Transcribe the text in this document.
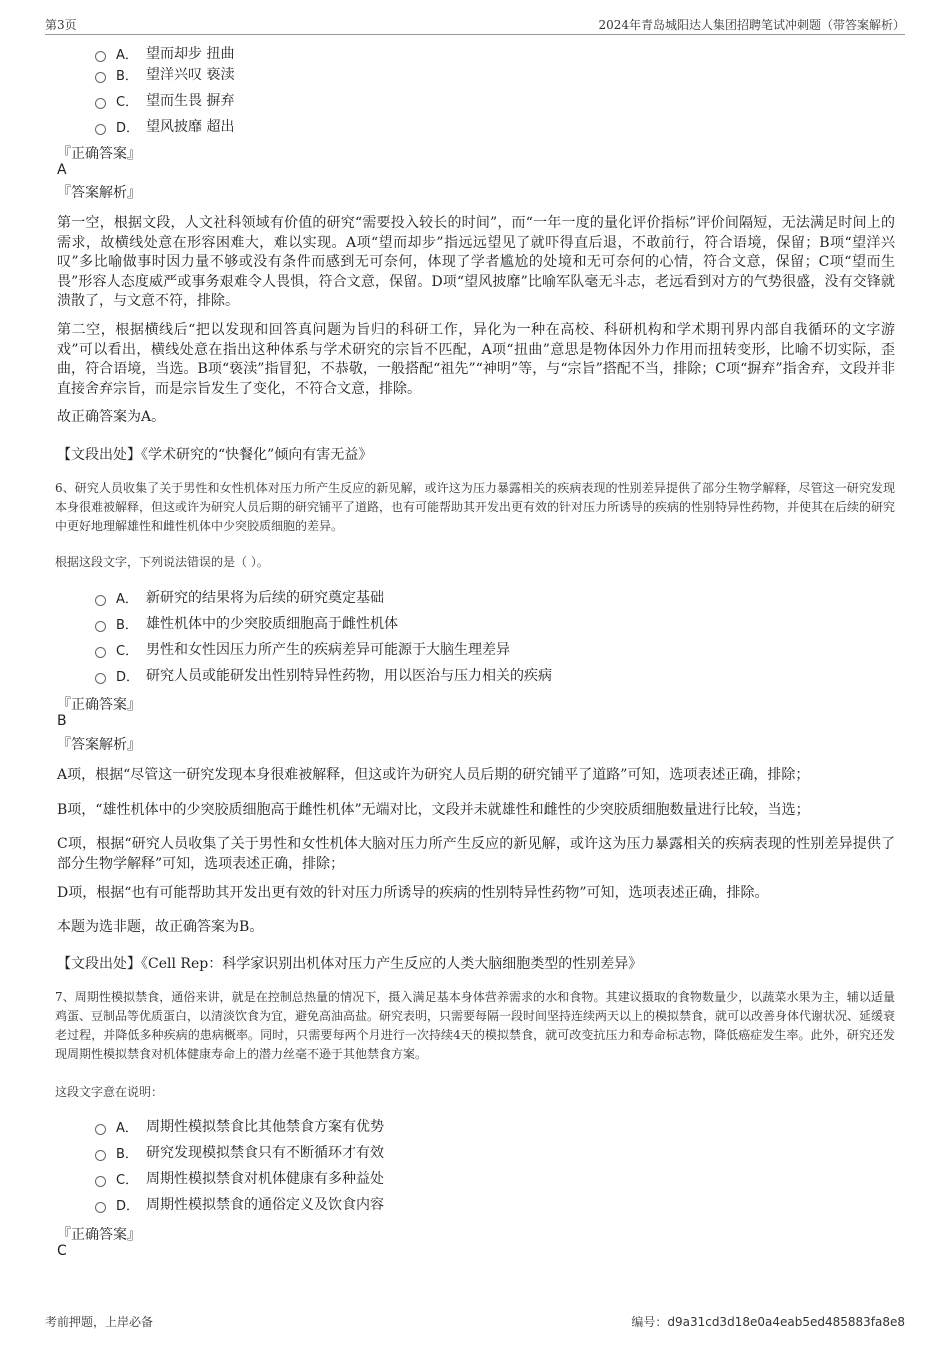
第3页	2024年青岛城阳达人集团招聘笔试冲刺题（带答案解析）
A． 望而却步 扭曲
B． 望洋兴叹 亵渎
C． 望而生畏 摒弃
D． 望风披靡 超出
『正确答案』
A
『答案解析』
第一空，根据文段，人文社科领域有价值的研究“需要投入较长的时间”，而“一年一度的量化评价指标”评价间隔短，无法满足时间上的需求，故横线处意在形容困难大，难以实现。A项“望而却步”指远远望见了就吓得直后退，不敢前行，符合语境，保留；B项“望洋兴叹”多比喻做事时因力量不够或没有条件而感到无可奈何，体现了学者尴尬的处境和无可奈何的心情，符合文意，保留；C项“望而生畏”形容人态度威严或事务艰难令人畏惧，符合文意，保留。D项“望风披靡”比喻军队毫无斗志，老远看到对方的气势很盛，没有交锋就溃散了，与文意不符，排除。
第二空，根据横线后“把以发现和回答真问题为旨归的科研工作，异化为一种在高校、科研机构和学术期刊界内部自我循环的文字游戏”可以看出，横线处意在指出这种体系与学术研究的宗旨不匹配，A项“扭曲”意思是物体因外力作用而扭转变形，比喻不切实际，歪曲，符合语境，当选。B项“亵渎”指冒犯，不恭敬，一般搭配“祖先”“神明”等，与“宗旨”搭配不当，排除；C项“摒弃”指舍弃，文段并非直接舍弃宗旨，而是宗旨发生了变化，不符合文意，排除。
故正确答案为A。
【文段出处】《学术研究的“快餐化”倾向有害无益》
6、研究人员收集了关于男性和女性机体对压力所产生反应的新见解，或许这为压力暴露相关的疾病表现的性别差异提供了部分生物学解释，尽管这一研究发现本身很难被解释，但这或许为研究人员后期的研究铺平了道路，也有可能帮助其开发出更有效的针对压力所诱导的疾病的性别特异性药物，并使其在后续的研究中更好地理解雄性和雌性机体中少突胶质细胞的差异。
根据这段文字，下列说法错误的是（ ）。
A． 新研究的结果将为后续的研究奠定基础
B． 雄性机体中的少突胶质细胞高于雌性机体
C． 男性和女性因压力所产生的疾病差异可能源于大脑生理差异
D． 研究人员或能研发出性别特异性药物，用以医治与压力相关的疾病
『正确答案』
B
『答案解析』
A项，根据“尽管这一研究发现本身很难被解释，但这或许为研究人员后期的研究铺平了道路”可知，选项表述正确，排除；
B项，“雄性机体中的少突胶质细胞高于雌性机体”无端对比，文段并未就雄性和雌性的少突胶质细胞数量进行比较，当选；
C项，根据“研究人员收集了关于男性和女性机体大脑对压力所产生反应的新见解，或许这为压力暴露相关的疾病表现的性别差异提供了部分生物学解释”可知，选项表述正确，排除；
D项，根据“也有可能帮助其开发出更有效的针对压力所诱导的疾病的性别特异性药物”可知，选项表述正确，排除。
本题为选非题，故正确答案为B。
【文段出处】《Cell Rep：科学家识别出机体对压力产生反应的人类大脑细胞类型的性别差异》
7、周期性模拟禁食，通俗来讲，就是在控制总热量的情况下，摄入满足基本身体营养需求的水和食物。其建议摄取的食物数量少，以蔬菜水果为主，辅以适量鸡蛋、豆制品等优质蛋白，以清淡饮食为宜，避免高油高盐。研究表明，只需要每隔一段时间坚持连续两天以上的模拟禁食，就可以改善身体代谢状况、延缓衰老过程，并降低多种疾病的患病概率。同时，只需要每两个月进行一次持续4天的模拟禁食，就可改变抗压力和寿命标志物，降低癌症发生率。此外，研究还发现周期性模拟禁食对机体健康寿命上的潜力丝毫不逊于其他禁食方案。
这段文字意在说明：
A． 周期性模拟禁食比其他禁食方案有优势
B． 研究发现模拟禁食只有不断循环才有效
C． 周期性模拟禁食对机体健康有多种益处
D． 周期性模拟禁食的通俗定义及饮食内容
『正确答案』
C
考前押题，上岸必备	编号：d9a31cd3d18e0a4eab5ed485883fa8e8
